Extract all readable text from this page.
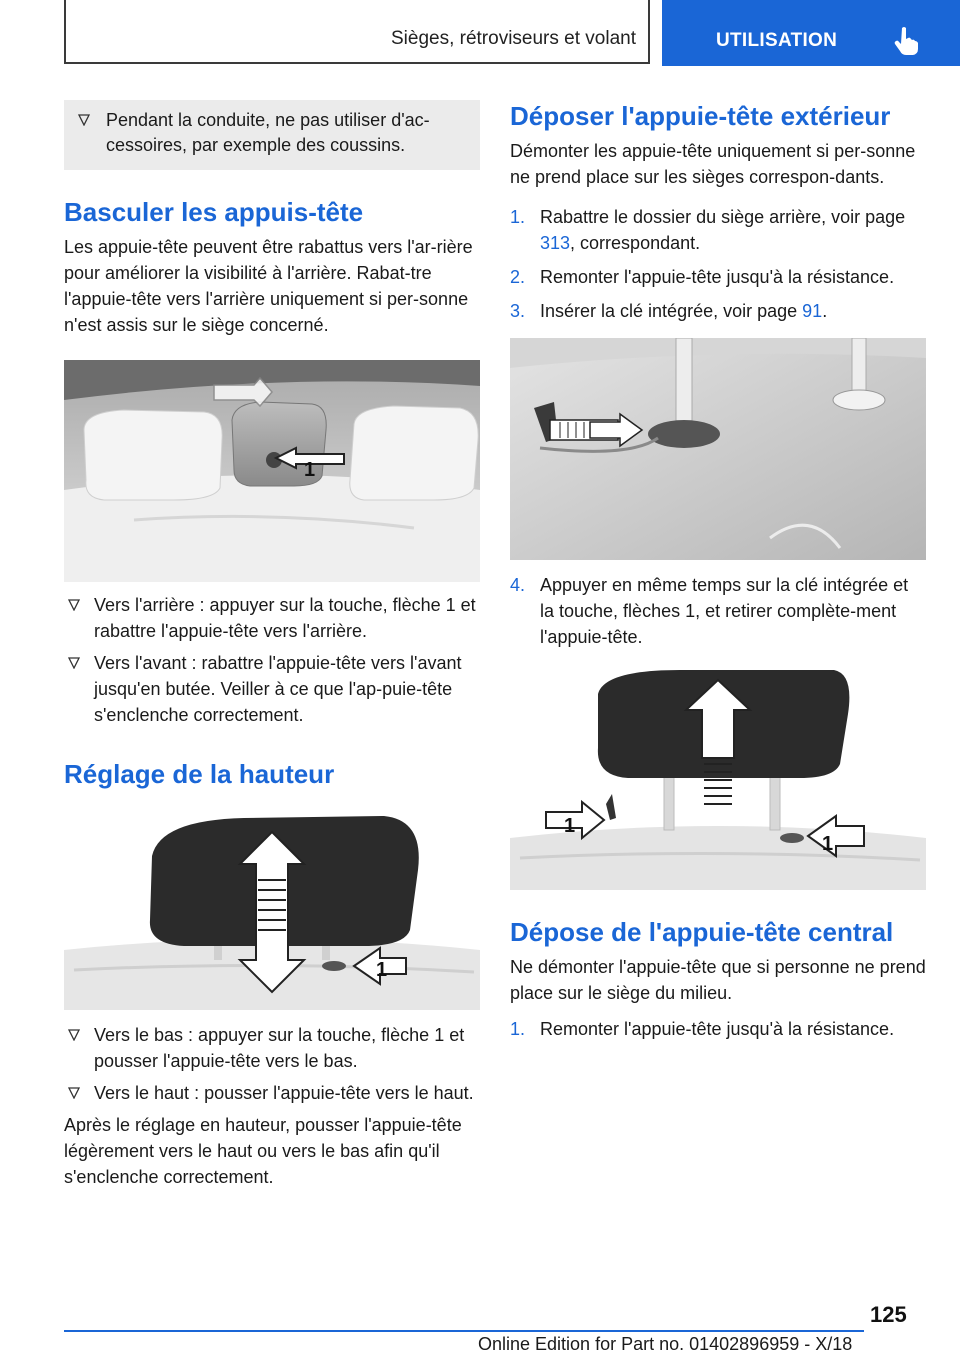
Sièges, rétroviseurs et volant	UTILISATION
Pendant la conduite, ne pas utiliser d'ac-cessoires, par exemple des coussins.
Basculer les appuis-tête

Les appuie-tête peuvent être rabattus vers l'ar-rière pour améliorer la visibilité à l'arrière. Rabat-tre l'appuie-tête vers l'arrière uniquement si per-sonne n'est assis sur le siège concerné.

1
Vers l'arrière : appuyer sur la touche, flèche 1 et rabattre l'appuie-tête vers l'arrière.
Vers l'avant : rabattre l'appuie-tête vers l'avant jusqu'en butée. Veiller à ce que l'ap-puie-tête s'enclenche correctement.
Réglage de la hauteur
1
Vers le bas : appuyer sur la touche, flèche 1 et pousser l'appuie-tête vers le bas.
Vers le haut : pousser l'appuie-tête vers le haut.

Après le réglage en hauteur, pousser l'appuie-tête légèrement vers le haut ou vers le bas afin qu'il s'enclenche correctement.

Déposer l'appuie-tête extérieur

Démonter les appuie-tête uniquement si per-sonne ne prend place sur les sièges correspon-dants.

1. Rabattre le dossier du siège arrière, voir page 313, correspondant.
2. Remonter l'appuie-tête jusqu'à la résistance.
3. Insérer la clé intégrée, voir page 91.
4. Appuyer en même temps sur la clé intégrée et la touche, flèches 1, et retirer complète-ment l'appuie-tête.
1
1
Dépose de l'appuie-tête central

Ne démonter l'appuie-tête que si personne ne prend place sur le siège du milieu.

1. Remonter l'appuie-tête jusqu'à la résistance.
125
Online Edition for Part no. 01402896959 - X/18
